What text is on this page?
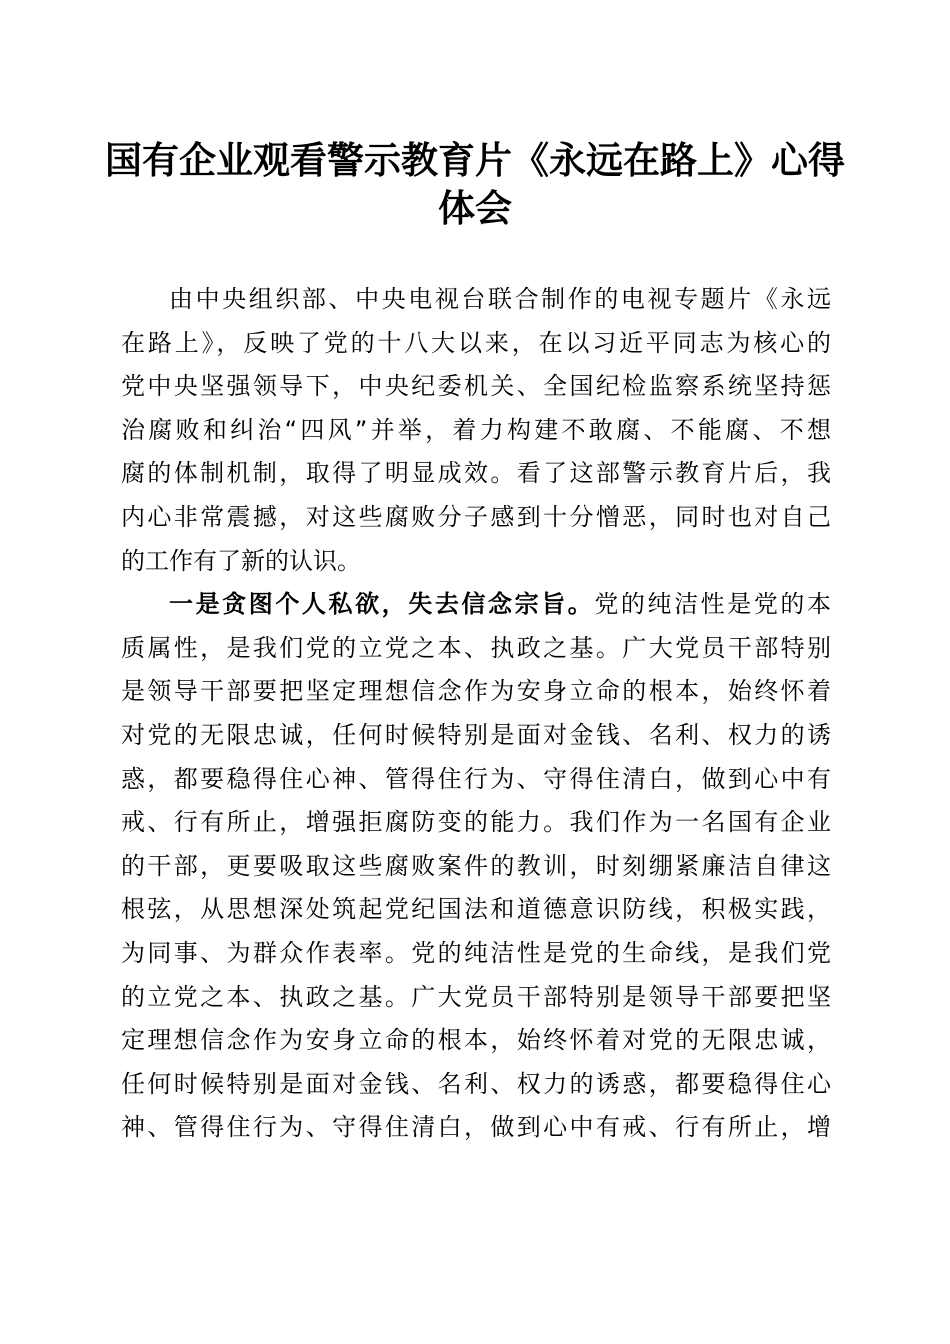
国有企业观看警示教育片《永远在路上》心得
体会
由中央组织部、中央电视台联合制作的电视专题片《永远
在路上》，反映了党的十八大以来，在以习近平同志为核心的
党中央坚强领导下，中央纪委机关、全国纪检监察系统坚持惩
治腐败和纠治“四风”并举，着力构建不敢腐、不能腐、不想
腐的体制机制，取得了明显成效。看了这部警示教育片后，我
内心非常震撼，对这些腐败分子感到十分憎恶，同时也对自己
的工作有了新的认识。
一是贪图个人私欲，失去信念宗旨。党的纯洁性是党的本
质属性，是我们党的立党之本、执政之基。广大党员干部特别
是领导干部要把坚定理想信念作为安身立命的根本，始终怀着
对党的无限忠诚，任何时候特别是面对金钱、名利、权力的诱
惑，都要稳得住心神、管得住行为、守得住清白，做到心中有
戒、行有所止，增强拒腐防变的能力。我们作为一名国有企业
的干部，更要吸取这些腐败案件的教训，时刻绷紧廉洁自律这
根弦，从思想深处筑起党纪国法和道德意识防线，积极实践，
为同事、为群众作表率。党的纯洁性是党的生命线，是我们党
的立党之本、执政之基。广大党员干部特别是领导干部要把坚
定理想信念作为安身立命的根本，始终怀着对党的无限忠诚，
任何时候特别是面对金钱、名利、权力的诱惑，都要稳得住心
神、管得住行为、守得住清白，做到心中有戒、行有所止，增
